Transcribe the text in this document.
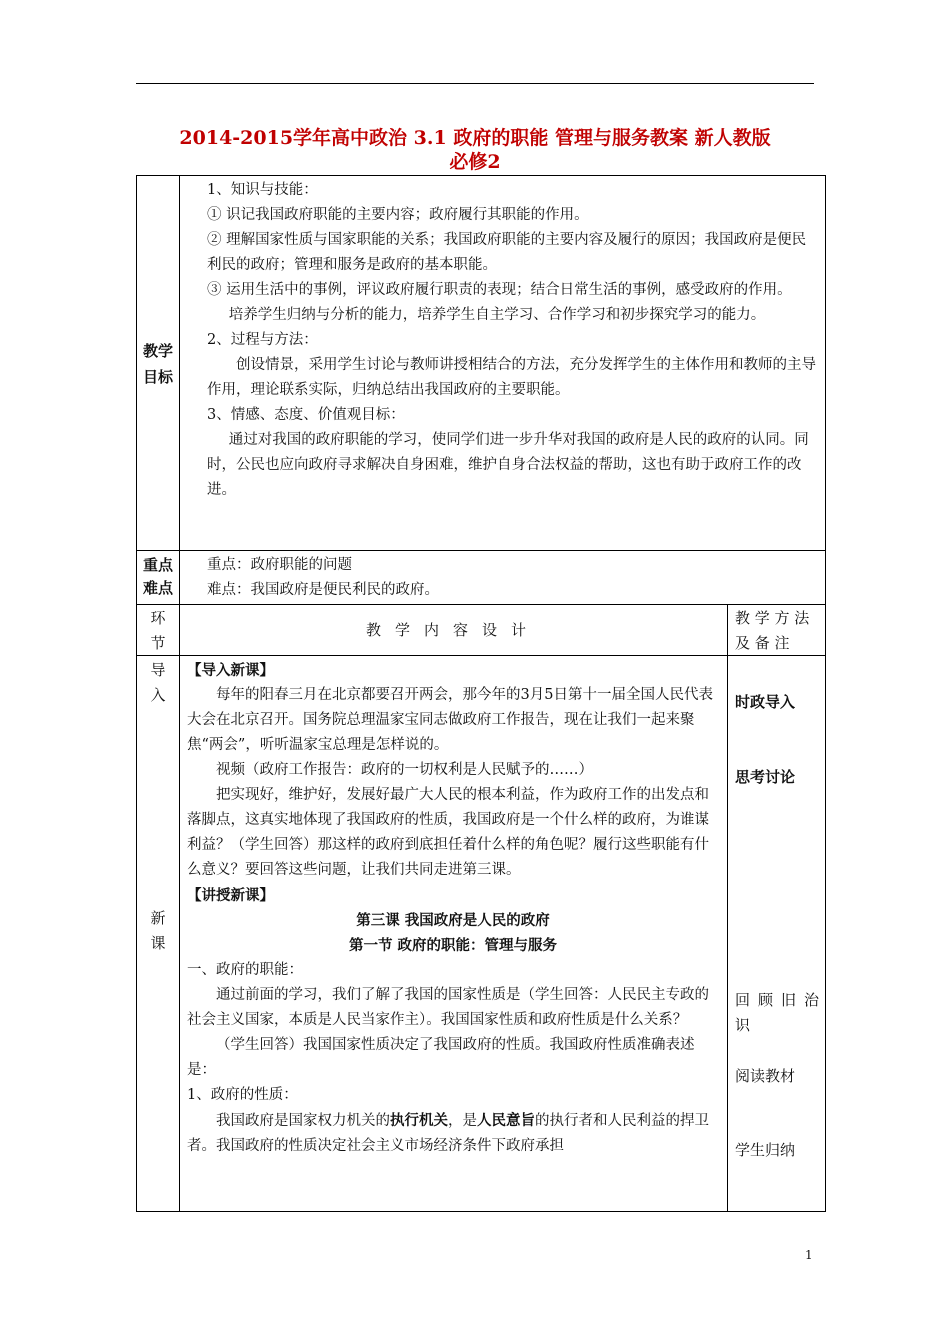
2014-2015学年高中政治 3.1 政府的职能 管理与服务教案 新人教版
必修2
教学
目标

1、知识与技能：

① 识记我国政府职能的主要内容；政府履行其职能的作用。

② 理解国家性质与国家职能的关系；我国政府职能的主要内容及履行的原因；我国政府是便民利民的政府；管理和服务是政府的基本职能。

③ 运用生活中的事例，评议政府履行职责的表现；结合日常生活的事例，感受政府的作用。

培养学生归纳与分析的能力，培养学生自主学习、合作学习和初步探究学习的能力。

2、过程与方法：

创设情景，采用学生讨论与教师讲授相结合的方法，充分发挥学生的主体作用和教师的主导作用，理论联系实际，归纳总结出我国政府的主要职能。

3、情感、态度、价值观目标：

通过对我国的政府职能的学习，使同学们进一步升华对我国的政府是人民的政府的认同。同时，公民也应向政府寻求解决自身困难，维护自身合法权益的帮助，这也有助于政府工作的改进。

重点
难点

重点：政府职能的问题

难点：我国政府是便民利民的政府。

环
节
教学内容设计
教 学 方 法
及 备 注
导
入
新
课

【导入新课】

每年的阳春三月在北京都要召开两会，那今年的3月5日第十一届全国人民代表大会在北京召开。国务院总理温家宝同志做政府工作报告，现在让我们一起来聚焦“两会”，听听温家宝总理是怎样说的。

视频（政府工作报告：政府的一切权利是人民赋予的……）

把实现好，维护好，发展好最广大人民的根本利益，作为政府工作的出发点和落脚点，这真实地体现了我国政府的性质，我国政府是一个什么样的政府，为谁谋利益？（学生回答）那这样的政府到底担任着什么样的角色呢？履行这些职能有什么意义？要回答这些问题，让我们共同走进第三课。

【讲授新课】

第三课 我国政府是人民的政府

第一节 政府的职能：管理与服务

一、政府的职能：

通过前面的学习，我们了解了我国的国家性质是（学生回答：人民民主专政的社会主义国家，本质是人民当家作主）。我国国家性质和政府性质是什么关系？

（学生回答）我国国家性质决定了我国政府的性质。我国政府性质准确表述是：

1、政府的性质：

我国政府是国家权力机关的执行机关，是人民意旨的执行者和人民利益的捍卫者。我国政府的性质决定社会主义市场经济条件下政府承担

时政导入
思考讨论
回 顾 旧 治 识
阅读教材
学生归纳
1
